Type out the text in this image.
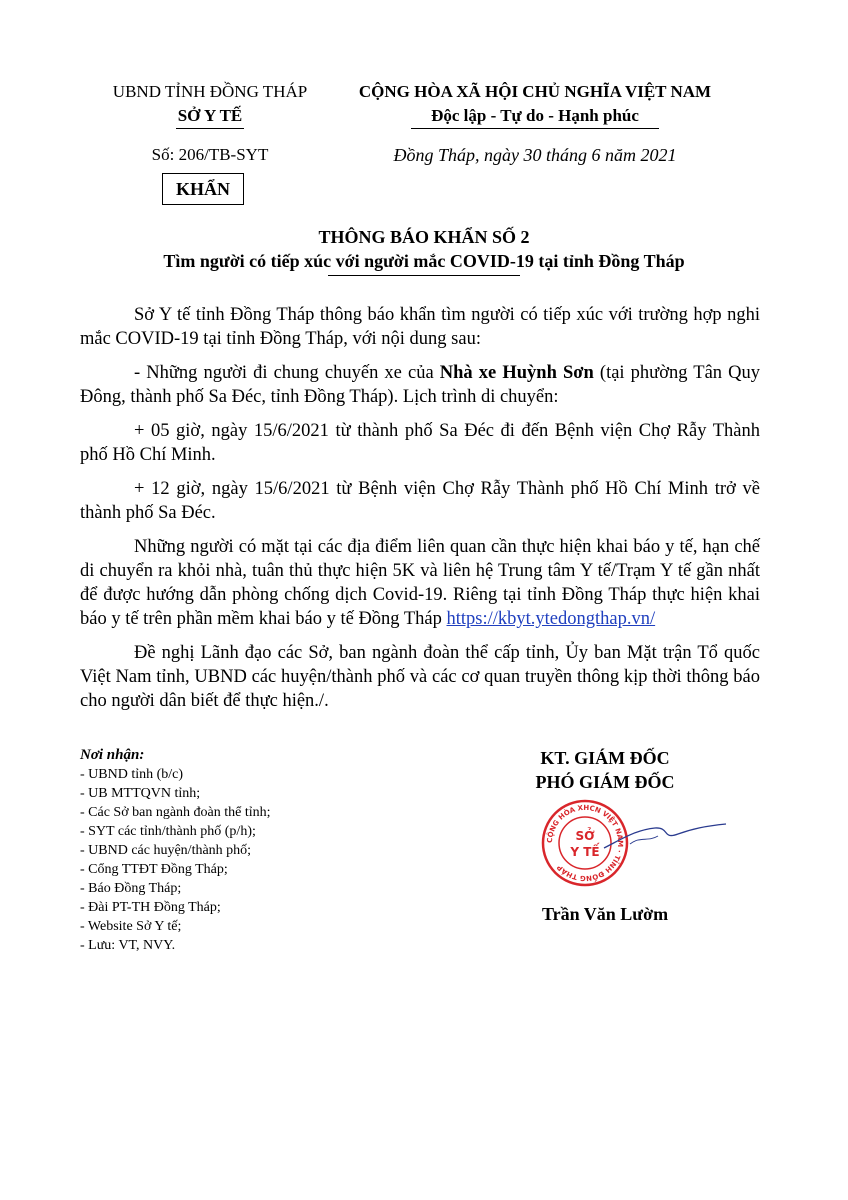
UBND TỈNH ĐỒNG THÁP
SỞ Y TẾ
CỘNG HÒA XÃ HỘI CHỦ NGHĨA VIỆT NAM
Độc lập - Tự do - Hạnh phúc
Số: 206/TB-SYT	Đồng Tháp, ngày 30 tháng 6 năm 2021
KHẨN
THÔNG BÁO KHẨN SỐ 2
Tìm người có tiếp xúc với người mắc COVID-19 tại tỉnh Đồng Tháp

Sở Y tế tỉnh Đồng Tháp thông báo khẩn tìm người có tiếp xúc với trường hợp nghi mắc COVID-19 tại tỉnh Đồng Tháp, với nội dung sau:

- Những người đi chung chuyến xe của Nhà xe Huỳnh Sơn (tại phường Tân Quy Đông, thành phố Sa Đéc, tỉnh Đồng Tháp). Lịch trình di chuyển:

+ 05 giờ, ngày 15/6/2021 từ thành phố Sa Đéc đi đến Bệnh viện Chợ Rẫy Thành phố Hồ Chí Minh.

+ 12 giờ, ngày 15/6/2021 từ Bệnh viện Chợ Rẫy Thành phố Hồ Chí Minh trở về thành phố Sa Đéc.

Những người có mặt tại các địa điểm liên quan cần thực hiện khai báo y tế, hạn chế di chuyển ra khỏi nhà, tuân thủ thực hiện 5K và liên hệ Trung tâm Y tế/Trạm Y tế gần nhất để được hướng dẫn phòng chống dịch Covid-19. Riêng tại tỉnh Đồng Tháp thực hiện khai báo y tế trên phần mềm khai báo y tế Đồng Tháp https://kbyt.ytedongthap.vn/

Đề nghị Lãnh đạo các Sở, ban ngành đoàn thể cấp tỉnh, Ủy ban Mặt trận Tổ quốc Việt Nam tỉnh, UBND các huyện/thành phố và các cơ quan truyền thông kịp thời thông báo cho người dân biết để thực hiện./.

Nơi nhận:
- UBND tỉnh (b/c)
- UB MTTQVN tỉnh;
- Các Sở ban ngành đoàn thể tỉnh;
- SYT các tỉnh/thành phố (p/h);
- UBND các huyện/thành phố;
- Cổng TTĐT Đồng Tháp;
- Báo Đồng Tháp;
- Đài PT-TH Đồng Tháp;
- Website Sở Y tế;
- Lưu: VT, NVY.
KT. GIÁM ĐỐC
PHÓ GIÁM ĐỐC
CỘNG HÒA XHCN VIỆT NAM · TỈNH ĐỒNG THÁP
SỞ
Y TẾ
Trần Văn Lườm
